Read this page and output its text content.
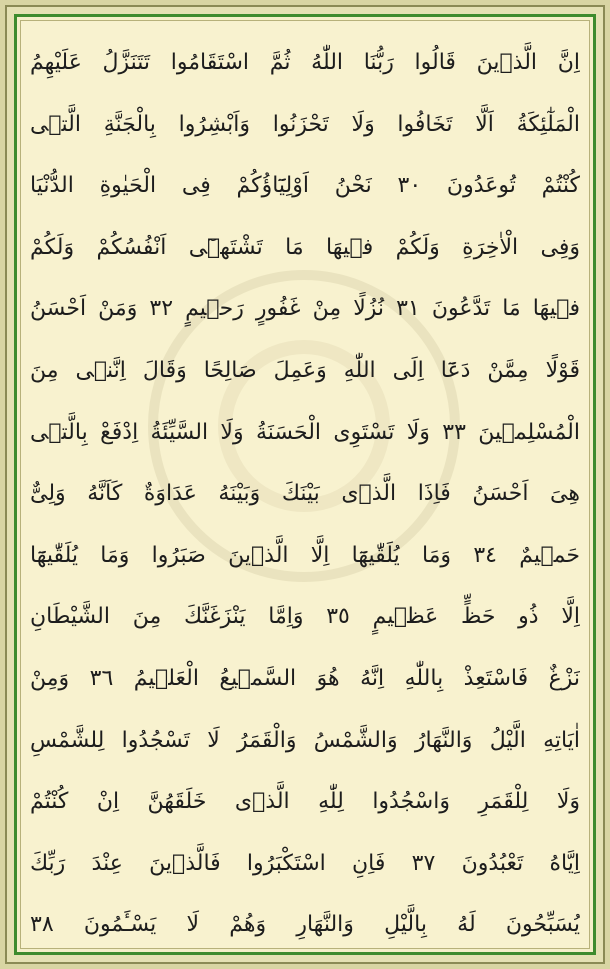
اِنَّ الَّذٖينَ قَالُوا رَبُّنَا اللّٰهُ ثُمَّ اسْتَقَامُوا تَتَنَزَّلُ عَلَيْهِمُ
الْمَلٰٓئِكَةُ اَلَّا تَخَافُوا وَلَا تَحْزَنُوا وَاَبْشِرُوا بِالْجَنَّةِ الَّتٖى
كُنْتُمْ تُوعَدُونَ ٣٠ نَحْنُ اَوْلِيَٓاؤُكُمْ فِى الْحَيٰوةِ الدُّنْيَا
وَفِى الْاٰخِرَةِ وَلَكُمْ فٖيهَا مَا تَشْتَهٖٓى اَنْفُسُكُمْ وَلَكُمْ
فٖيهَا مَا تَدَّعُونَ ٣١ نُزُلًا مِنْ غَفُورٍ رَحٖيمٍ ٣٢ وَمَنْ اَحْسَنُ
قَوْلًا مِمَّنْ دَعَٓا اِلَى اللّٰهِ وَعَمِلَ صَالِحًا وَقَالَ اِنَّنٖى مِنَ
الْمُسْلِمٖينَ ٣٣ وَلَا تَسْتَوِى الْحَسَنَةُ وَلَا السَّيِّئَةُ اِدْفَعْ بِالَّتٖى
هِىَ اَحْسَنُ فَاِذَا الَّذٖى بَيْنَكَ وَبَيْنَهُ عَدَاوَةٌ كَاَنَّهُ وَلِىٌّ
حَمٖيمٌ ٣٤ وَمَا يُلَقّٰيهَٓا اِلَّا الَّذٖينَ صَبَرُوا وَمَا يُلَقّٰيهَٓا
اِلَّا ذُو حَظٍّ عَظٖيمٍ ٣٥ وَاِمَّا يَنْزَغَنَّكَ مِنَ الشَّيْطَانِ
نَزْغٌ فَاسْتَعِذْ بِاللّٰهِ اِنَّهُ هُوَ السَّمٖيعُ الْعَلٖيمُ ٣٦ وَمِنْ
اٰيَاتِهِ الَّيْلُ وَالنَّهَارُ وَالشَّمْسُ وَالْقَمَرُ لَا تَسْجُدُوا لِلشَّمْسِ
وَلَا لِلْقَمَرِ وَاسْجُدُوا لِلّٰهِ الَّذٖى خَلَقَهُنَّ اِنْ كُنْتُمْ
اِيَّاهُ تَعْبُدُونَ ٣٧ فَاِنِ اسْتَكْبَرُوا فَالَّذٖينَ عِنْدَ رَبِّكَ
يُسَبِّحُونَ لَهُ بِالَّيْلِ وَالنَّهَارِ وَهُمْ لَا يَسْـَٔمُونَ ٣٨
